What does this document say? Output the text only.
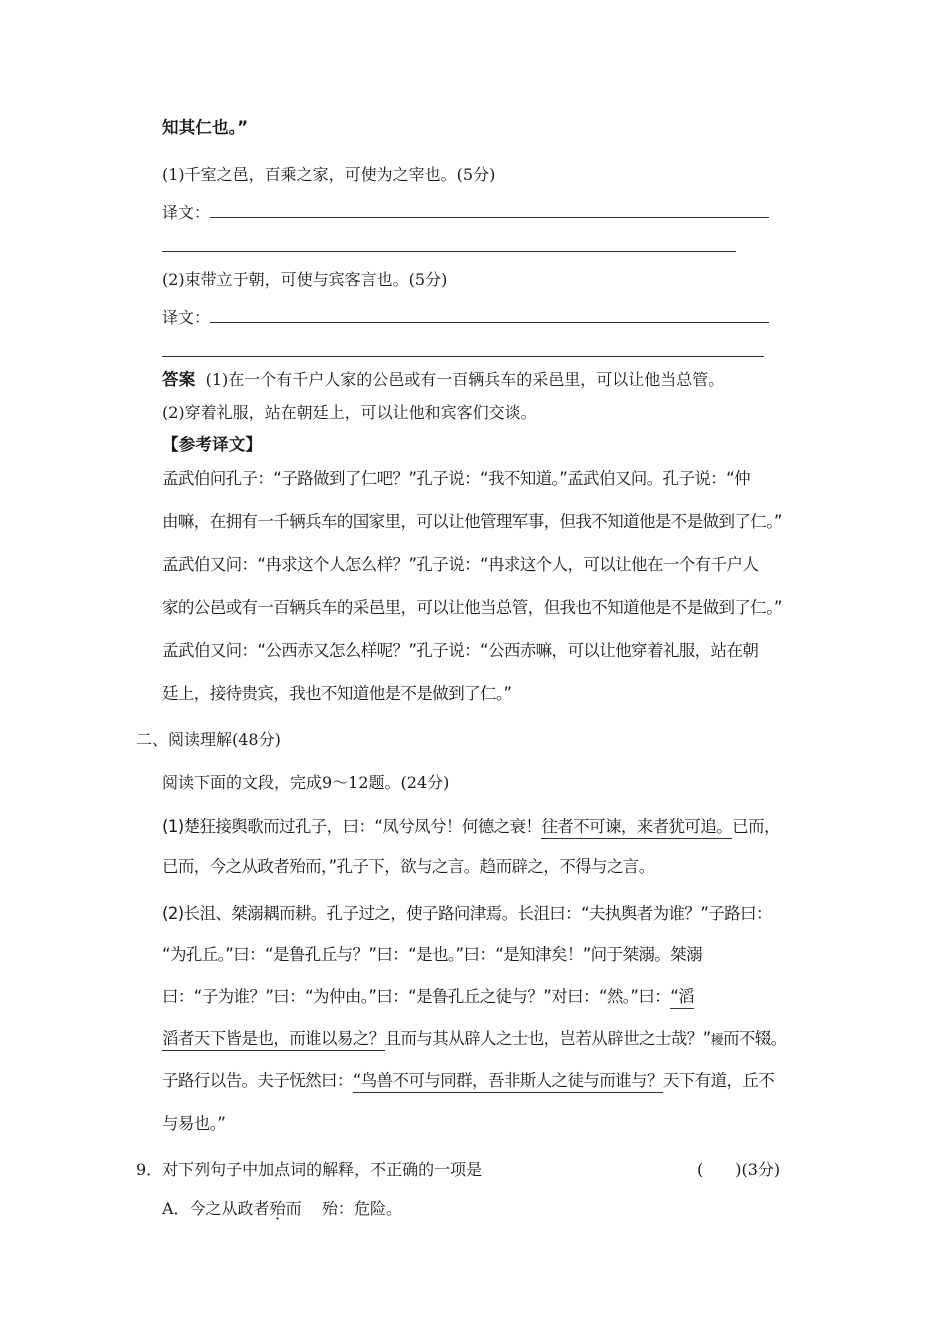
知其仁也。”
(1)千室之邑，百乘之家，可使为之宰也。(5分)
译文：
(2)束带立于朝，可使与宾客言也。(5分)
译文：
答案 (1)在一个有千户人家的公邑或有一百辆兵车的采邑里，可以让他当总管。
(2)穿着礼服，站在朝廷上，可以让他和宾客们交谈。
【参考译文】
孟武伯问孔子：“子路做到了仁吧？”孔子说：“我不知道。”孟武伯又问。孔子说：“仲
由嘛，在拥有一千辆兵车的国家里，可以让他管理军事，但我不知道他是不是做到了仁。”
孟武伯又问：“冉求这个人怎么样？”孔子说：“冉求这个人，可以让他在一个有千户人
家的公邑或有一百辆兵车的采邑里，可以让他当总管，但我也不知道他是不是做到了仁。”
孟武伯又问：“公西赤又怎么样呢？”孔子说：“公西赤嘛，可以让他穿着礼服，站在朝
廷上，接待贵宾，我也不知道他是不是做到了仁。”
二、阅读理解(48分)
阅读下面的文段，完成9～12题。(24分)
(1)楚狂接舆歌而过孔子，曰：“凤兮凤兮！何德之衰！往者不可谏，来者犹可追。已而，
已而，今之从政者殆而，”孔子下，欲与之言。趋而辟之，不得与之言。
(2)长沮、桀溺耦而耕。孔子过之，使子路问津焉。长沮曰：“夫执舆者为谁？”子路曰：
“为孔丘。”曰：“是鲁孔丘与？”曰：“是也。”曰：“是知津矣！”问于桀溺。桀溺
曰：“子为谁？”曰：“为仲由。”曰：“是鲁孔丘之徒与？”对曰：“然。”曰：“滔
滔者天下皆是也，而谁以易之？且而与其从辟人之士也，岂若从辟世之士哉？”耰而不辍。
子路行以告。夫子怃然曰：“鸟兽不可与同群，吾非斯人之徒与而谁与？天下有道，丘不
与易也。”
9．对下列句子中加点词的解释，不正确的一项是	(　　)(3分)
A．今之从政者殆而 殆：危险。
